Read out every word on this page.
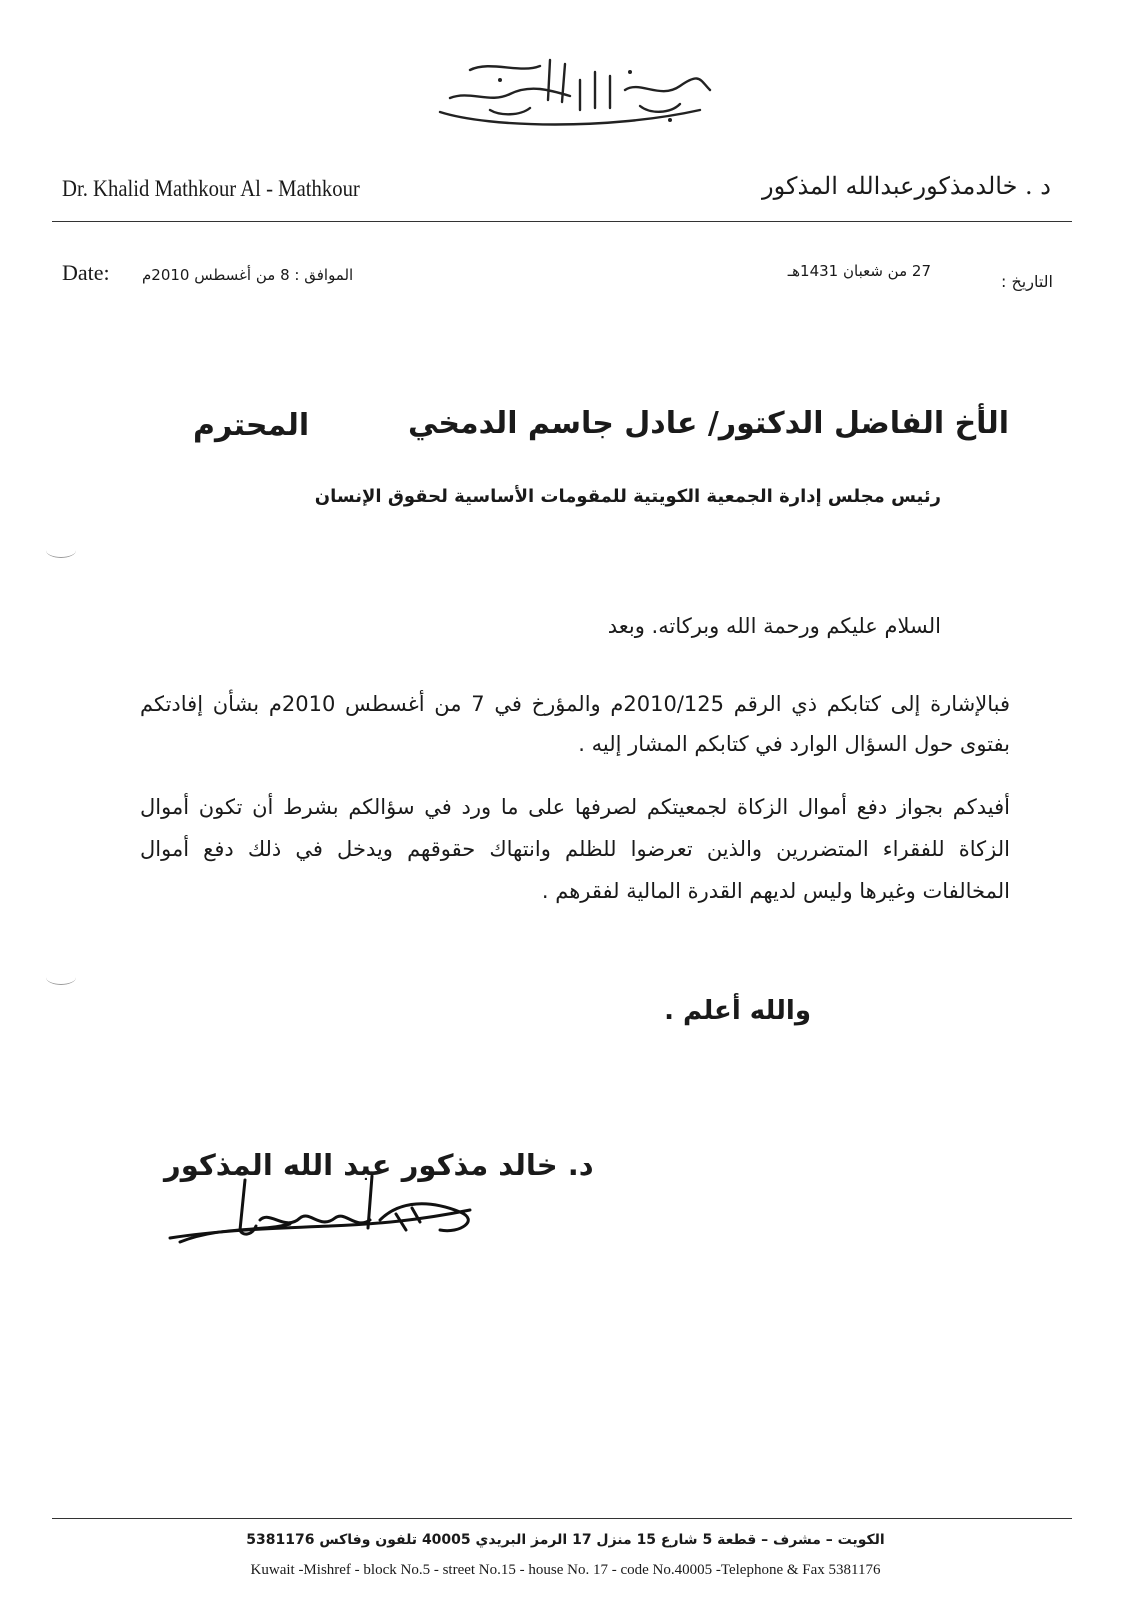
Dr. Khalid Mathkour Al - Mathkour	د . خالدمذكورعبدالله المذكور
Date: الموافق : 8 من أغسطس 2010م	27 من شعبان 1431هـ
التاريخ :
الأخ الفاضل الدكتور/ عادل جاسم الدمخي
المحترم
رئيس مجلس إدارة الجمعية الكويتية للمقومات الأساسية لحقوق الإنسان
السلام عليكم ورحمة الله وبركاته. وبعد
فبالإشارة إلى كتابكم ذي الرقم 2010/125م والمؤرخ في 7 من أغسطس 2010م بشأن إفادتكم بفتوى حول السؤال الوارد في كتابكم المشار إليه .
أفيدكم بجواز دفع أموال الزكاة لجمعيتكم لصرفها على ما ورد في سؤالكم بشرط أن تكون أموال الزكاة للفقراء المتضررين والذين تعرضوا للظلم وانتهاك حقوقهم ويدخل في ذلك دفع أموال المخالفات وغيرها وليس لديهم القدرة المالية لفقرهم .
والله أعلم .
د. خالد مذكور عبد الله المذكور
الكويت – مشرف – قطعة 5 شارع 15 منزل 17 الرمز البريدي 40005 تلفون وفاكس 5381176
Kuwait -Mishref - block No.5 - street No.15 - house No. 17 - code No.40005 -Telephone & Fax 5381176
